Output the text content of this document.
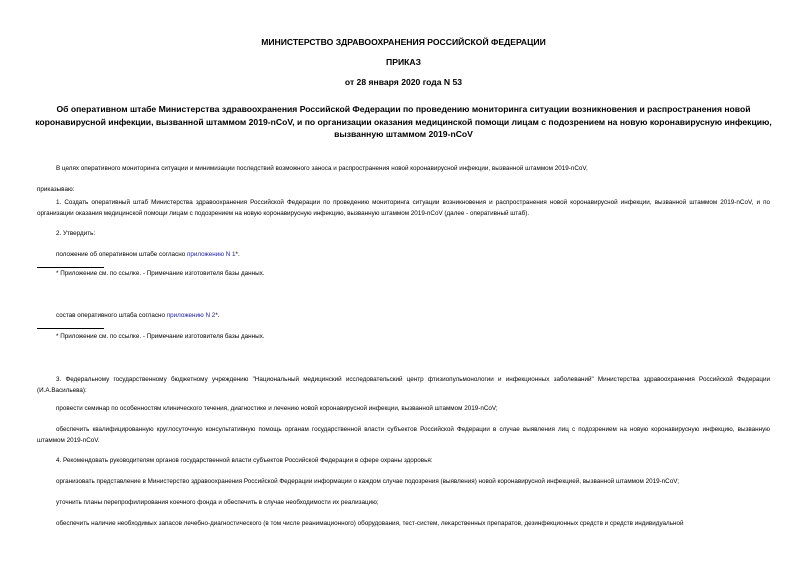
МИНИСТЕРСТВО ЗДРАВООХРАНЕНИЯ РОССИЙСКОЙ ФЕДЕРАЦИИ
ПРИКАЗ
от 28 января 2020 года N 53
Об оперативном штабе Министерства здравоохранения Российской Федерации по проведению мониторинга ситуации возникновения и распространения новой коронавирусной инфекции, вызванной штаммом 2019-nCoV, и по организации оказания медицинской помощи лицам с подозрением на новую коронавирусную инфекцию, вызванную штаммом 2019-nCoV
В целях оперативного мониторинга ситуации и минимизации последствий возможного заноса и распространения новой коронавирусной инфекции, вызванной штаммом 2019-nCoV,
приказываю:
1. Создать оперативный штаб Министерства здравоохранения Российской Федерации по проведению мониторинга ситуации возникновения и распространения новой коронавирусной инфекции, вызванной штаммом 2019-nCoV, и по организации оказания медицинской помощи лицам с подозрением на новую коронавирусную инфекцию, вызванную штаммом 2019-nCoV (далее - оперативный штаб).
2. Утвердить:
положение об оперативном штабе согласно приложению N 1*.
* Приложение см. по ссылке. - Примечание изготовителя базы данных.
состав оперативного штаба согласно приложению N 2*.
* Приложение см. по ссылке. - Примечание изготовителя базы данных.
3. Федеральному государственному бюджетному учреждению "Национальный медицинский исследовательский центр фтизиопульмонологии и инфекционных заболеваний" Министерства здравоохранения Российской Федерации (И.А.Васильева):
провести семинар по особенностям клинического течения, диагностике и лечению новой коронавирусной инфекции, вызванной штаммом 2019-nCoV;
обеспечить квалифицированную круглосуточную консультативную помощь органам государственной власти субъектов Российской Федерации в случае выявления лиц с подозрением на новую коронавирусную инфекцию, вызванную штаммом 2019-nCoV.
4. Рекомендовать руководителям органов государственной власти субъектов Российской Федерации в сфере охраны здоровья:
организовать представление в Министерство здравоохранения Российской Федерации информации о каждом случае подозрения (выявления) новой коронавирусной инфекцией, вызванной штаммом 2019-nCoV;
уточнить планы перепрофилирования коечного фонда и обеспечить в случае необходимости их реализацию;
обеспечить наличие необходимых запасов лечебно-диагностического (в том числе реанимационного) оборудования, тест-систем, лекарственных препаратов, дезинфекционных средств и средств индивидуальной
